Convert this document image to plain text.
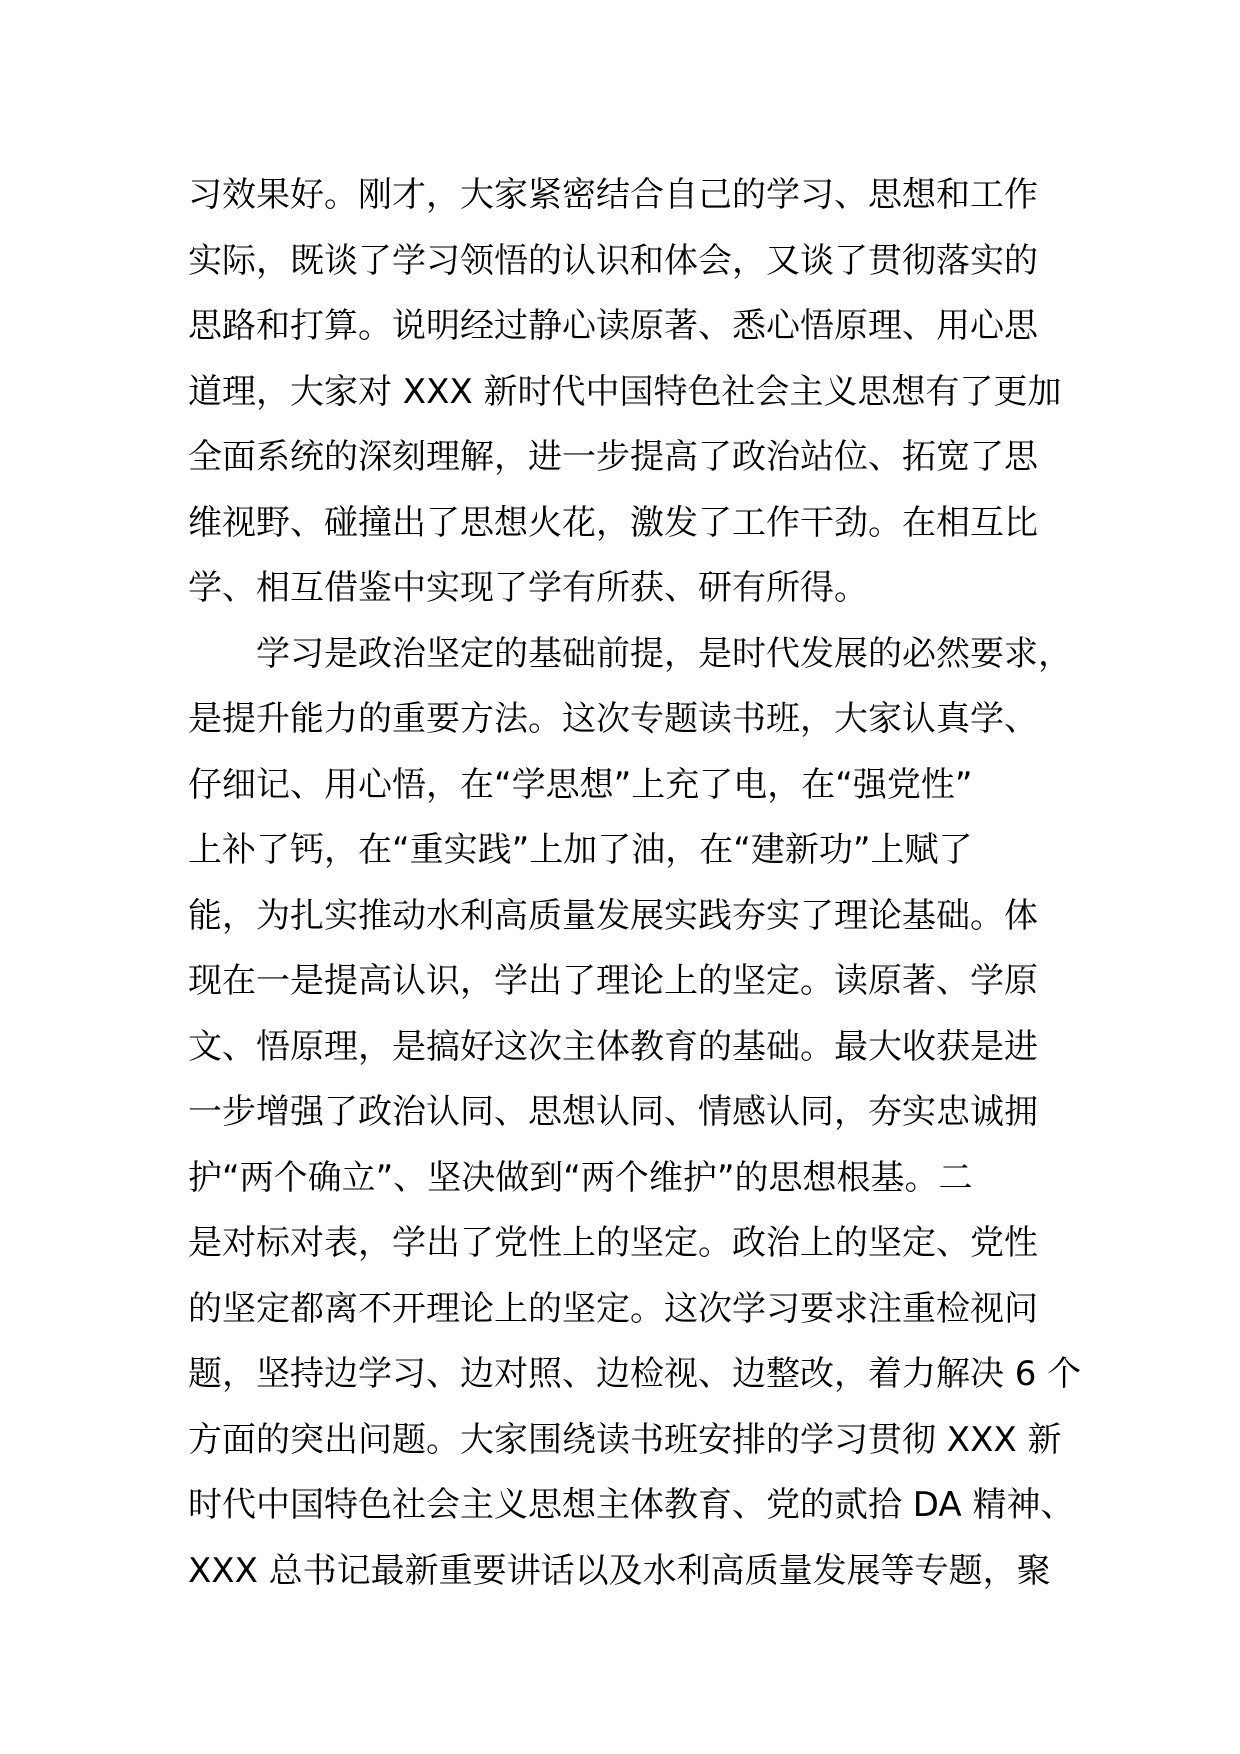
习效果好。刚才，大家紧密结合自己的学习、思想和工作
实际，既谈了学习领悟的认识和体会，又谈了贯彻落实的
思路和打算。说明经过静心读原著、悉心悟原理、用心思
道理，大家对 XXX 新时代中国特色社会主义思想有了更加
全面系统的深刻理解，进一步提高了政治站位、拓宽了思
维视野、碰撞出了思想火花，激发了工作干劲。在相互比
学、相互借鉴中实现了学有所获、研有所得。
学习是政治坚定的基础前提，是时代发展的必然要求，
是提升能力的重要方法。这次专题读书班，大家认真学、
仔细记、用心悟，在“学思想”上充了电，在“强党性”
上补了钙，在“重实践”上加了油，在“建新功”上赋了
能，为扎实推动水利高质量发展实践夯实了理论基础。体
现在一是提高认识，学出了理论上的坚定。读原著、学原
文、悟原理，是搞好这次主体教育的基础。最大收获是进
一步增强了政治认同、思想认同、情感认同，夯实忠诚拥
护“两个确立”、坚决做到“两个维护”的思想根基。二
是对标对表，学出了党性上的坚定。政治上的坚定、党性
的坚定都离不开理论上的坚定。这次学习要求注重检视问
题，坚持边学习、边对照、边检视、边整改，着力解决 6 个
方面的突出问题。大家围绕读书班安排的学习贯彻 XXX 新
时代中国特色社会主义思想主体教育、党的贰拾 DA 精神、
XXX 总书记最新重要讲话以及水利高质量发展等专题，聚
